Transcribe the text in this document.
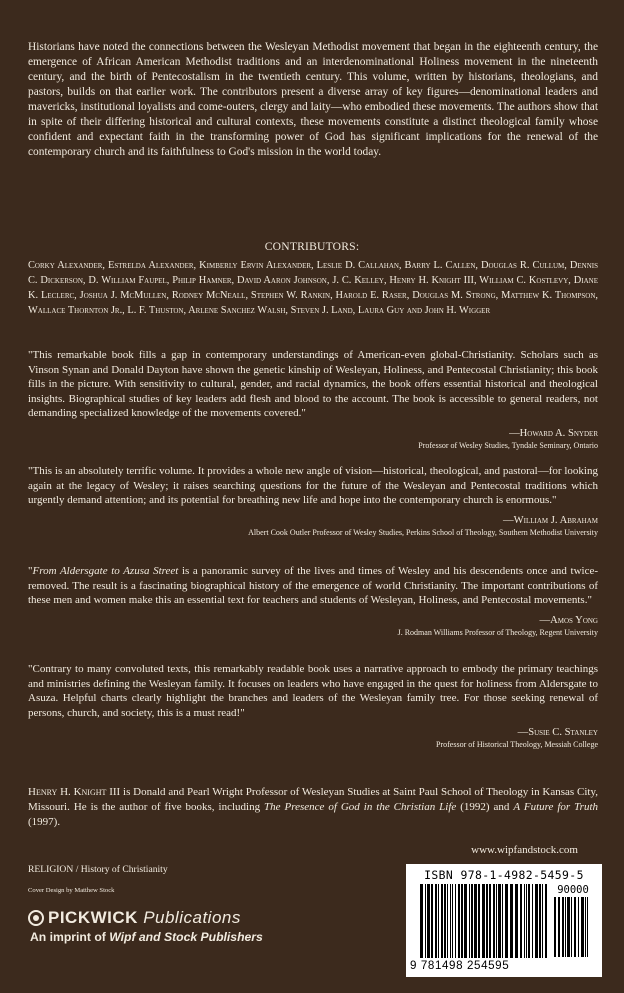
Historians have noted the connections between the Wesleyan Methodist movement that began in the eighteenth century, the emergence of African American Methodist traditions and an interdenominational Holiness movement in the nineteenth century, and the birth of Pentecostalism in the twentieth century. This volume, written by historians, theologians, and pastors, builds on that earlier work. The contributors present a diverse array of key figures—denominational leaders and mavericks, institutional loyalists and come-outers, clergy and laity—who embodied these movements. The authors show that in spite of their differing historical and cultural contexts, these movements constitute a distinct theological family whose confident and expectant faith in the transforming power of God has significant implications for the renewal of the contemporary church and its faithfulness to God's mission in the world today.

CONTRIBUTORS:

Corky Alexander, Estrelda Alexander, Kimberly Ervin Alexander, Leslie D. Callahan, Barry L. Callen, Douglas R. Cullum, Dennis C. Dickerson, D. William Faupel, Philip Hamner, David Aaron Johnson, J. C. Kelley, Henry H. Knight III, William C. Kostlevy, Diane K. Leclerc, Joshua J. McMullen, Rodney McNeall, Stephen W. Rankin, Harold E. Raser, Douglas M. Strong, Matthew K. Thompson, Wallace Thornton Jr., L. F. Thuston, Arlene Sanchez Walsh, Steven J. Land, Laura Guy and John H. Wigger

"This remarkable book fills a gap in contemporary understandings of American-even global-Christianity. Scholars such as Vinson Synan and Donald Dayton have shown the genetic kinship of Wesleyan, Holiness, and Pentecostal Christianity; this book fills in the picture. With sensitivity to cultural, gender, and racial dynamics, the book offers essential historical and theological insights. Biographical studies of key leaders add flesh and blood to the account. The book is accessible to general readers, not demanding specialized knowledge of the movements covered."

—Howard A. Snyder
Professor of Wesley Studies, Tyndale Seminary, Ontario

"This is an absolutely terrific volume. It provides a whole new angle of vision—historical, theological, and pastoral—for looking again at the legacy of Wesley; it raises searching questions for the future of the Wesleyan and Pentecostal traditions which urgently demand attention; and its potential for breathing new life and hope into the contemporary church is enormous."

—William J. Abraham
Albert Cook Outler Professor of Wesley Studies, Perkins School of Theology, Southern Methodist University

"From Aldersgate to Azusa Street is a panoramic survey of the lives and times of Wesley and his descendents once and twice-removed. The result is a fascinating biographical history of the emergence of world Christianity. The important contributions of these men and women make this an essential text for teachers and students of Wesleyan, Holiness, and Pentecostal movements."

—Amos Yong
J. Rodman Williams Professor of Theology, Regent University

"Contrary to many convoluted texts, this remarkably readable book uses a narrative approach to embody the primary teachings and ministries defining the Wesleyan family. It focuses on leaders who have engaged in the quest for holiness from Aldersgate to Asuza. Helpful charts clearly highlight the branches and leaders of the Wesleyan family tree. For those seeking renewal of persons, church, and society, this is a must read!"

—Susie C. Stanley
Professor of Historical Theology, Messiah College

Henry H. Knight III is Donald and Pearl Wright Professor of Wesleyan Studies at Saint Paul School of Theology in Kansas City, Missouri. He is the author of five books, including The Presence of God in the Christian Life (1992) and A Future for Truth (1997).

www.wipfandstock.com
RELIGION / History of Christianity
Cover Design by Matthew Stock
PICKWICK Publications
An imprint of Wipf and Stock Publishers
ISBN 978-1-4982-5459-5
90000
9 781498 254595
